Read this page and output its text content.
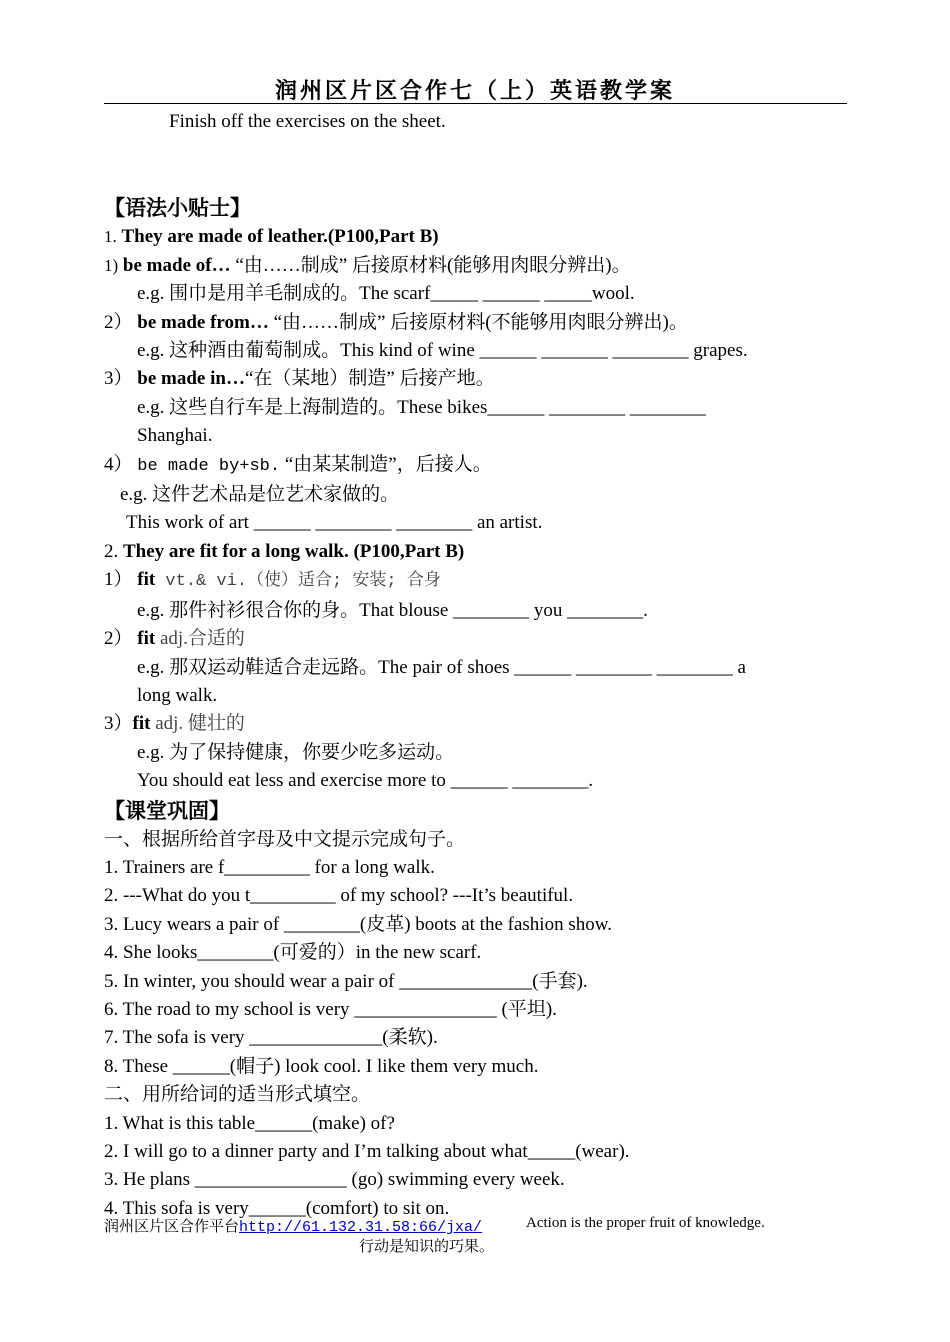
润州区片区合作七（上）英语教学案
Finish off the exercises on the sheet.
【语法小贴士】
1. They are made of leather.(P100,Part B)
1) be made of… “由……制成” 后接原材料(能够用肉眼分辨出)。
e.g. 围巾是用羊毛制成的。The scarf_____ ______ _____wool.
2） be made from… “由……制成” 后接原材料(不能够用肉眼分辨出)。
e.g. 这种酒由葡萄制成。This kind of wine ______ _______ ________ grapes.
3） be made in…“在（某地）制造” 后接产地。
e.g. 这些自行车是上海制造的。These bikes______ ________ ________
Shanghai.
4） be made by+sb. “由某某制造”，后接人。
e.g. 这件艺术品是位艺术家做的。
This work of art ______ ________ ________ an artist.
2. They are fit for a long walk. (P100,Part B)
1） fit vt.& vi.（使）适合; 安装; 合身
e.g. 那件衬衫很合你的身。That blouse ________ you ________.
2） fit adj.合适的
e.g. 那双运动鞋适合走远路。The pair of shoes ______ ________ ________ a
long walk.
3）fit adj. 健壮的
e.g. 为了保持健康，你要少吃多运动。
You should eat less and exercise more to ______ ________.
【课堂巩固】
一、根据所给首字母及中文提示完成句子。
1. Trainers are f_________ for a long walk.
2. ---What do you t_________ of my school? ---It’s beautiful.
3. Lucy wears a pair of ________(皮革) boots at the fashion show.
4. She looks________(可爱的）in the new scarf.
5. In winter, you should wear a pair of ______________(手套).
6. The road to my school is very _______________ (平坦).
7. The sofa is very ______________(柔软).
8. These ______(帽子) look cool. I like them very much.
二、用所给词的适当形式填空。
1. What is this table______(make) of?
2. I will go to a dinner party and I’m talking about what_____(wear).
3. He plans ________________ (go) swimming every week.
4. This sofa is very______(comfort) to sit on.
润州区片区合作平台http://61.132.31.58:66/jxa/	Action is the proper fruit of knowledge.
行动是知识的巧果。
